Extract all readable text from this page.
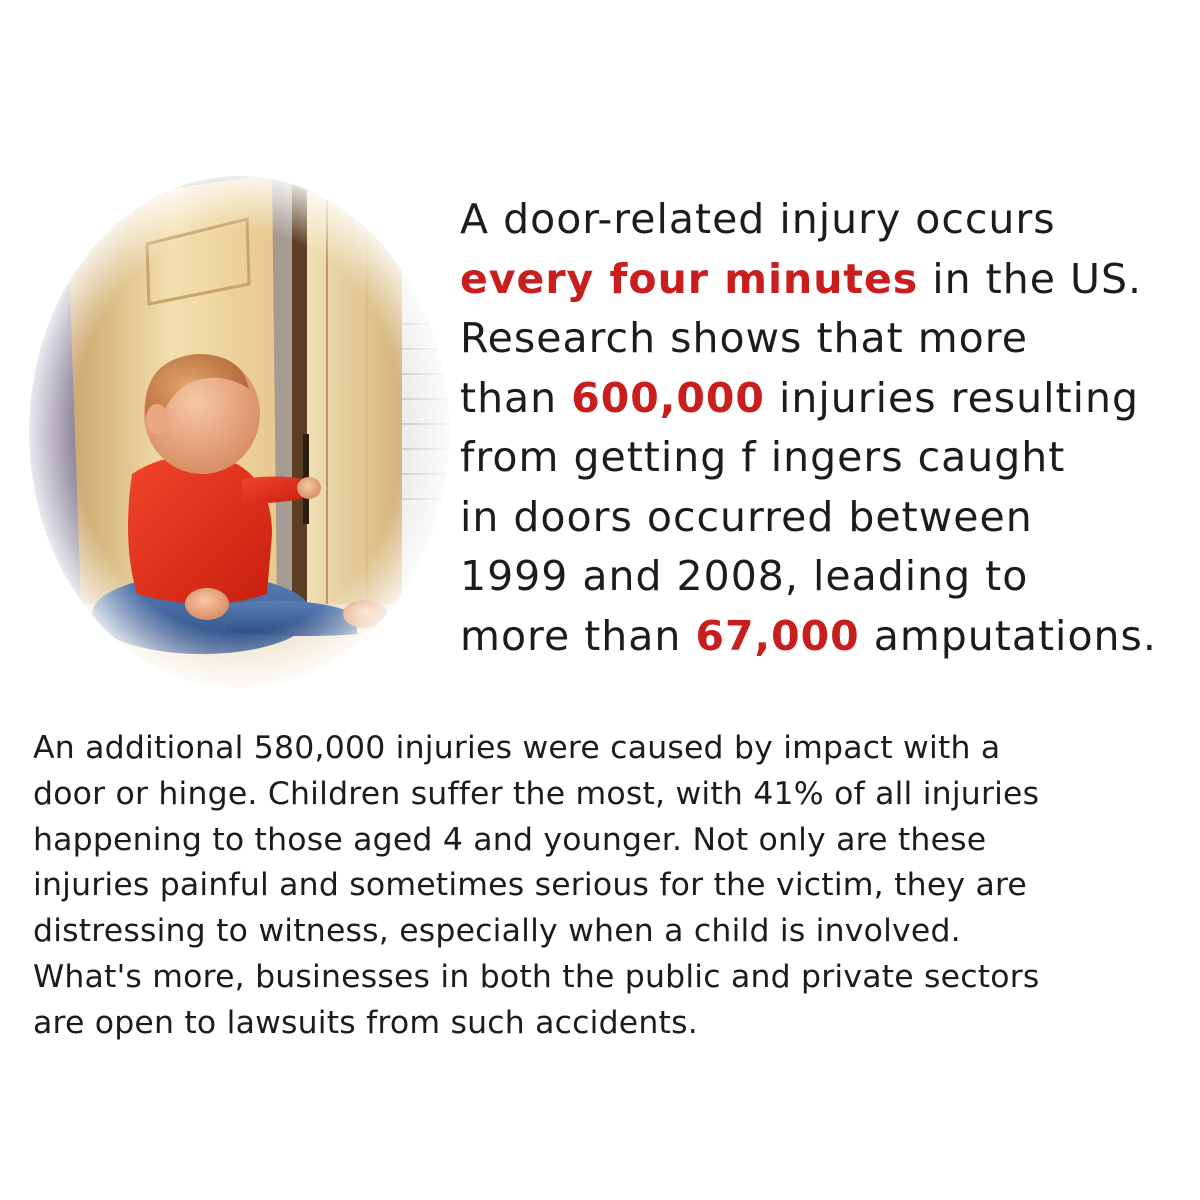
A door-related injury occurs
every four minutes in the US.
Research shows that more
than 600,000 injuries resulting
from getting f ingers caught
in doors occurred between
1999 and 2008, leading to
more than 67,000 amputations.
An additional 580,000 injuries were caused by impact with a
door or hinge. Children suffer the most, with 41% of all injuries
happening to those aged 4 and younger. Not only are these
injuries painful and sometimes serious for the victim, they are
distressing to witness, especially when a child is involved.
What's more, businesses in both the public and private sectors
are open to lawsuits from such accidents.
